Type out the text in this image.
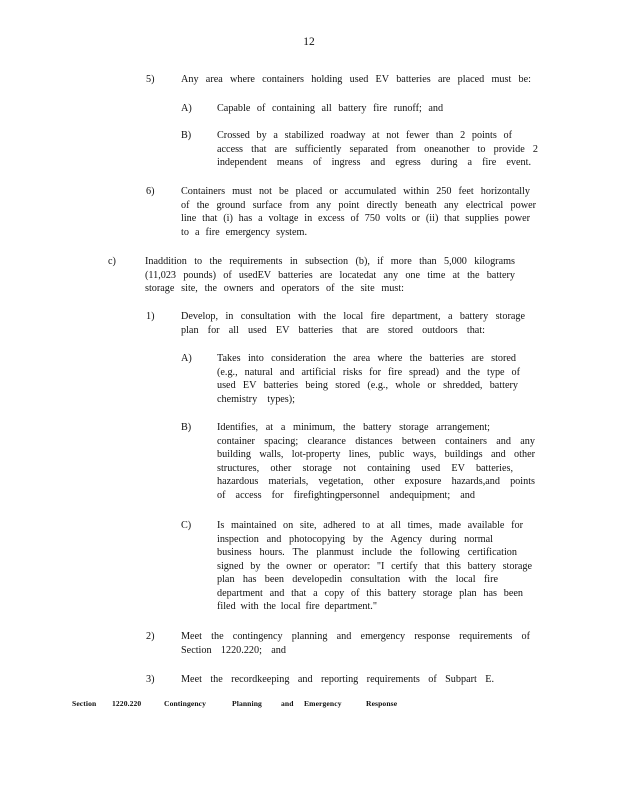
12
5)	Any area where containers holding used EV batteries are placed must be:
A) Capable of containing all battery fire runoff; and
B)	Crossed by a stabilized roadway at not fewer than 2 points of
access that are sufficiently separated from oneanother to provide 2
independent means of ingress and egress during a fire event.
6)	Containers must not be placed or accumulated within 250 feet horizontally
of the ground surface from any point directly beneath any electrical power
line that (i) has a voltage in excess of 750 volts or (ii) that supplies power
to a fire emergency system.
c)	Inaddition to the requirements in subsection (b), if more than 5,000 kilograms
(11,023 pounds) of usedEV batteries are locatedat any one time at the battery
storage site, the owners and operators of the site must:
1)	Develop, in consultation with the local fire department, a battery storage
plan for all used EV batteries that are stored outdoors that:
A) Takes into consideration the area where the batteries are stored
(e.g., natural and artificial risks for fire spread) and the type of
used EV batteries being stored (e.g., whole or shredded, battery
chemistry types);
B)	Identifies, at a minimum, the battery storage arrangement;
container spacing; clearance distances between containers and any
building walls, lot-property lines, public ways, buildings and other
structures, other storage not containing used EV batteries,
hazardous materials, vegetation, other exposure hazards,and points
of access for firefightingpersonnel andequipment; and
C)	Is maintained on site, adhered to at all times, made available for
inspection and photocopying by the Agency during normal
business hours. The planmust include the following certification
signed by the owner or operator: "I certify that this battery storage
plan has been developedin consultation with the local fire
department and that a copy of this battery storage plan has been
filed with the local fire department."
2)	Meet the contingency planning and emergency response requirements of
Section 1220.220; and
3)	Meet the recordkeeping and reporting requirements of Subpart E.
Section 1220.220	Contingency	Planning	and Emergency	Response
